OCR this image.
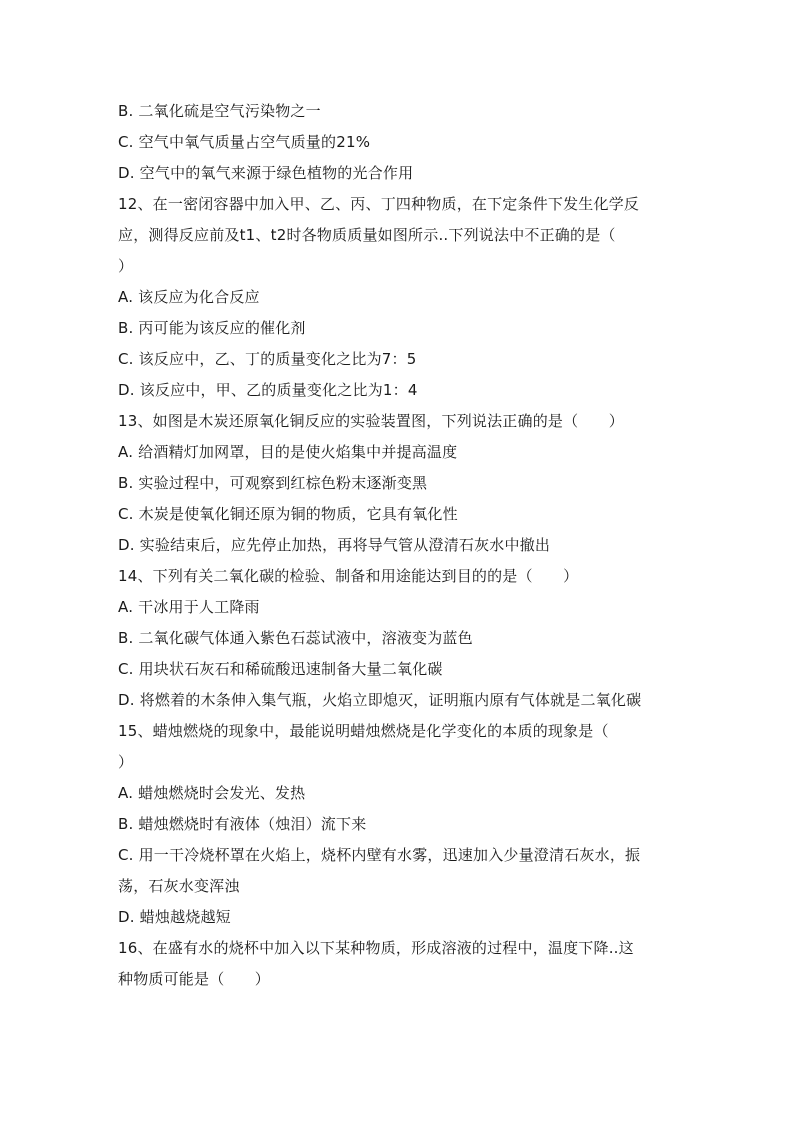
B. 二氧化硫是空气污染物之一
C. 空气中氧气质量占空气质量的21%
D. 空气中的氧气来源于绿色植物的光合作用
12、在一密闭容器中加入甲、乙、丙、丁四种物质，在下定条件下发生化学反
应，测得反应前及t1、t2时各物质质量如图所示..下列说法中不正确的是（
）
A. 该反应为化合反应
B. 丙可能为该反应的催化剂
C. 该反应中，乙、丁的质量变化之比为7：5
D. 该反应中，甲、乙的质量变化之比为1：4
13、如图是木炭还原氧化铜反应的实验装置图，下列说法正确的是（　　）
A. 给酒精灯加网罩，目的是使火焰集中并提高温度
B. 实验过程中，可观察到红棕色粉末逐渐变黑
C. 木炭是使氧化铜还原为铜的物质，它具有氧化性
D. 实验结束后，应先停止加热，再将导气管从澄清石灰水中撤出
14、下列有关二氧化碳的检验、制备和用途能达到目的的是（　　）
A. 干冰用于人工降雨
B. 二氧化碳气体通入紫色石蕊试液中，溶液变为蓝色
C. 用块状石灰石和稀硫酸迅速制备大量二氧化碳
D. 将燃着的木条伸入集气瓶，火焰立即熄灭，证明瓶内原有气体就是二氧化碳
15、蜡烛燃烧的现象中，最能说明蜡烛燃烧是化学变化的本质的现象是（
）
A. 蜡烛燃烧时会发光、发热
B. 蜡烛燃烧时有液体（烛泪）流下来
C. 用一干冷烧杯罩在火焰上，烧杯内壁有水雾，迅速加入少量澄清石灰水，振
荡，石灰水变浑浊
D. 蜡烛越烧越短
16、在盛有水的烧杯中加入以下某种物质，形成溶液的过程中，温度下降..这
种物质可能是（　　）
